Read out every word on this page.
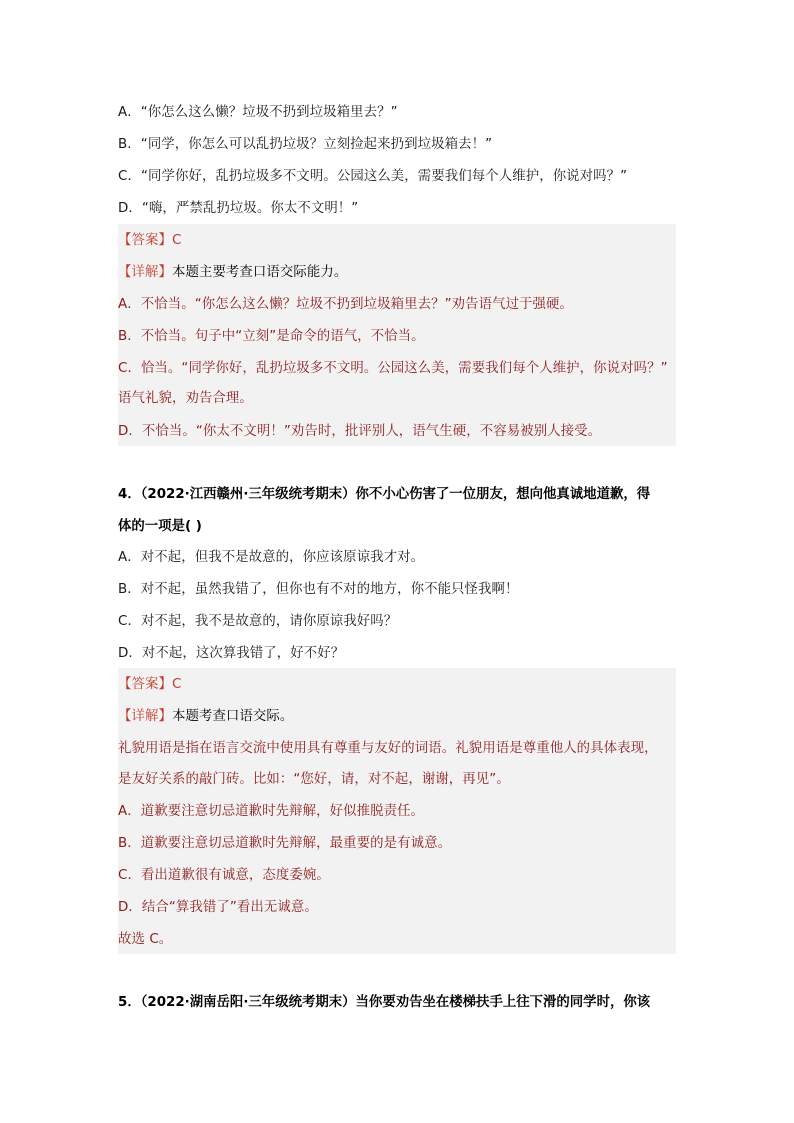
A．“你怎么这么懒？垃圾不扔到垃圾箱里去？”
B．“同学，你怎么可以乱扔垃圾？立刻捡起来扔到垃圾箱去！”
C．“同学你好，乱扔垃圾多不文明。公园这么美，需要我们每个人维护，你说对吗？”
D．“嗨，严禁乱扔垃圾。你太不文明！”
【答案】C
【详解】本题主要考查口语交际能力。
A．不恰当。“你怎么这么懒？垃圾不扔到垃圾箱里去？”劝告语气过于强硬。
B．不恰当。句子中“立刻”是命令的语气，不恰当。
C．恰当。“同学你好，乱扔垃圾多不文明。公园这么美，需要我们每个人维护，你说对吗？”
语气礼貌，劝告合理。
D．不恰当。“你太不文明！”劝告时，批评别人，语气生硬，不容易被别人接受。
4．（2022·江西赣州·三年级统考期末）你不小心伤害了一位朋友，想向他真诚地道歉，得
体的一项是( )
A．对不起，但我不是故意的，你应该原谅我才对。
B．对不起，虽然我错了，但你也有不对的地方，你不能只怪我啊！
C．对不起，我不是故意的，请你原谅我好吗？
D．对不起，这次算我错了，好不好？
【答案】C
【详解】本题考查口语交际。
礼貌用语是指在语言交流中使用具有尊重与友好的词语。礼貌用语是尊重他人的具体表现，
是友好关系的敲门砖。比如：“您好，请，对不起，谢谢，再见”。
A．道歉要注意切忌道歉时先辩解，好似推脱责任。
B．道歉要注意切忌道歉时先辩解，最重要的是有诚意。
C．看出道歉很有诚意，态度委婉。
D．结合“算我错了”看出无诚意。
故选 C。
5．（2022·湖南岳阳·三年级统考期末）当你要劝告坐在楼梯扶手上往下滑的同学时，你该
